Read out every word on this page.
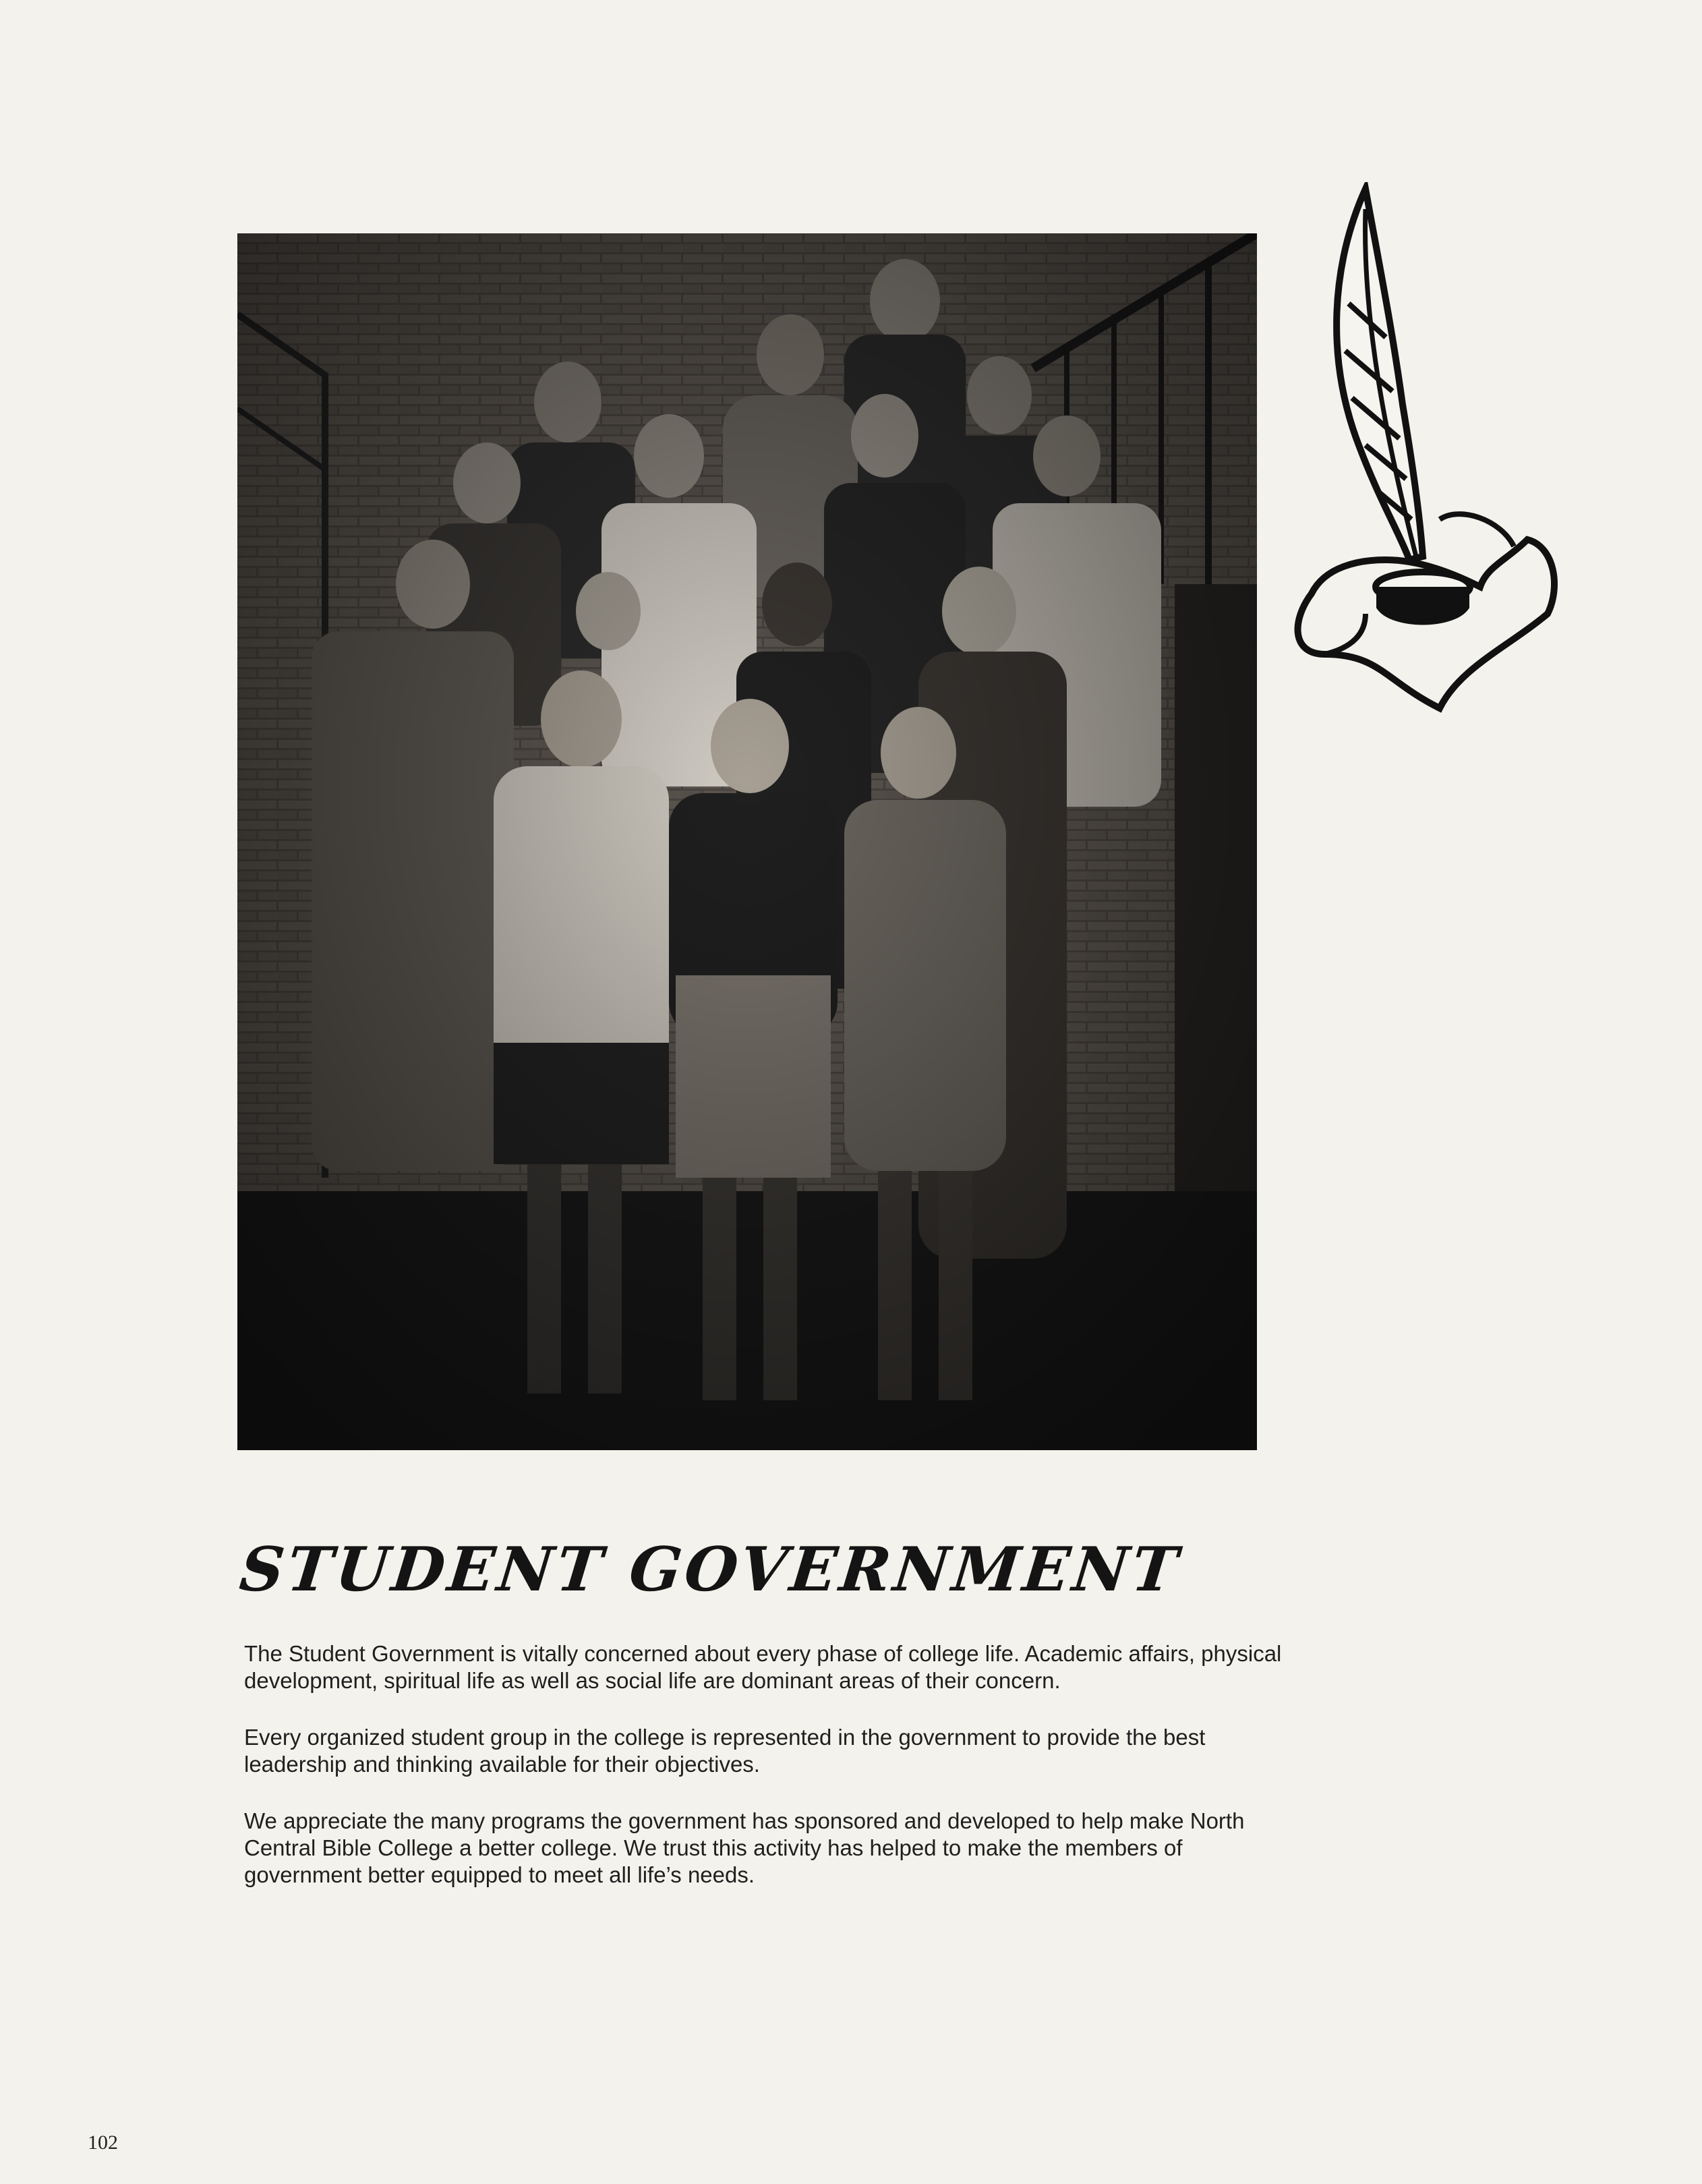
STUDENT GOVERNMENT

The Student Government is vitally concerned about every phase of college life. Academic affairs, physical development, spiritual life as well as social life are dominant areas of their concern.

Every organized student group in the college is represented in the government to provide the best leadership and thinking available for their objectives.

We appreciate the many programs the government has sponsored and developed to help make North Central Bible College a better college. We trust this activity has helped to make the members of government better equipped to meet all life’s needs.

102
